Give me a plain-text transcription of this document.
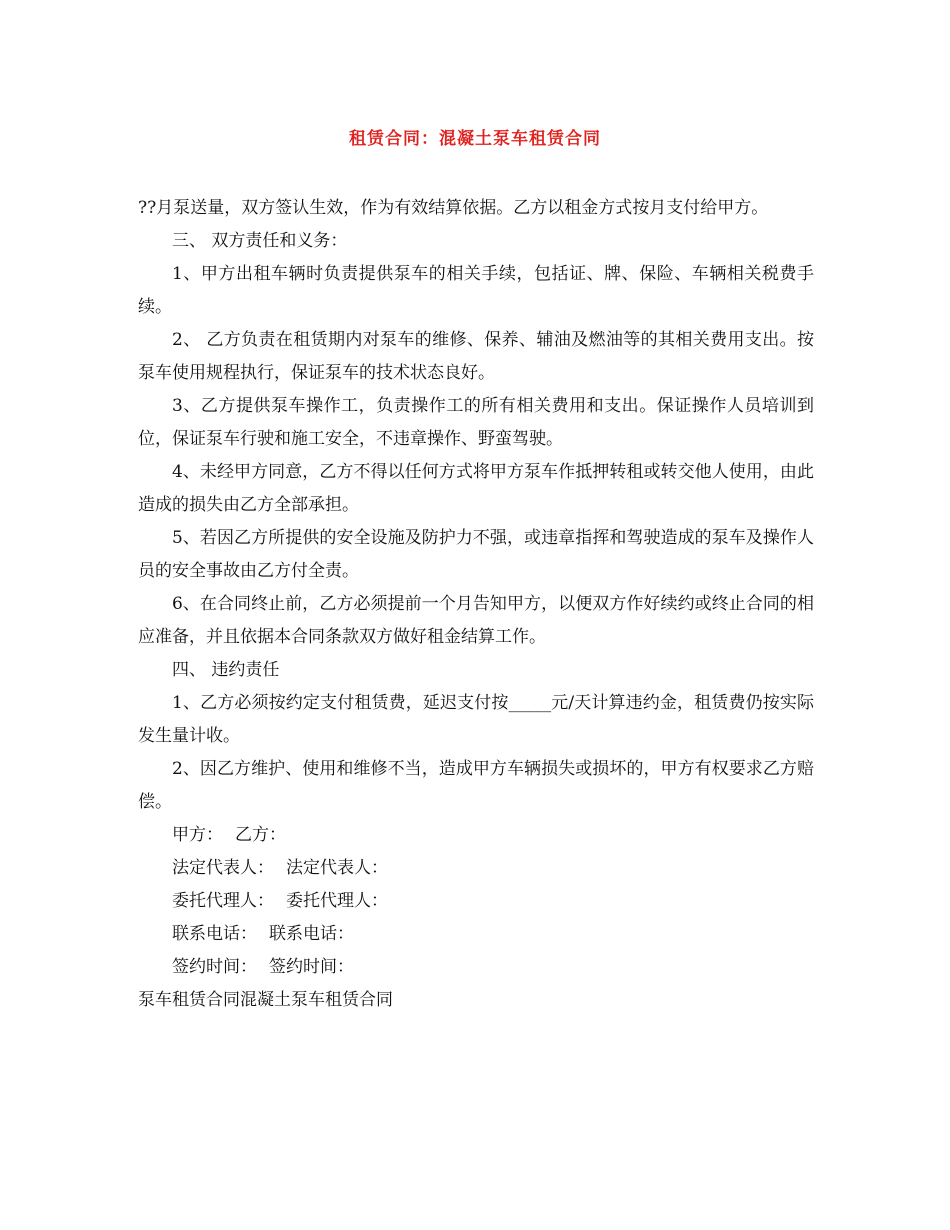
租赁合同：混凝土泵车租赁合同

??月泵送量，双方签认生效，作为有效结算依据。乙方以租金方式按月支付给甲方。

三、 双方责任和义务：

1、甲方出租车辆时负责提供泵车的相关手续，包括证、牌、保险、车辆相关税费手续。

2、 乙方负责在租赁期内对泵车的维修、保养、辅油及燃油等的其相关费用支出。按泵车使用规程执行，保证泵车的技术状态良好。

3、乙方提供泵车操作工，负责操作工的所有相关费用和支出。保证操作人员培训到位，保证泵车行驶和施工安全，不违章操作、野蛮驾驶。

4、未经甲方同意，乙方不得以任何方式将甲方泵车作抵押转租或转交他人使用，由此造成的损失由乙方全部承担。

5、若因乙方所提供的安全设施及防护力不强，或违章指挥和驾驶造成的泵车及操作人员的安全事故由乙方付全责。

6、在合同终止前，乙方必须提前一个月告知甲方，以便双方作好续约或终止合同的相应准备，并且依据本合同条款双方做好租金结算工作。

四、 违约责任

1、乙方必须按约定支付租赁费，延迟支付按_____元/天计算违约金，租赁费仍按实际发生量计收。

2、因乙方维护、使用和维修不当，造成甲方车辆损失或损坏的，甲方有权要求乙方赔偿。

甲方： 乙方：

法定代表人： 法定代表人：

委托代理人： 委托代理人：

联系电话： 联系电话：

签约时间： 签约时间：

泵车租赁合同混凝土泵车租赁合同
